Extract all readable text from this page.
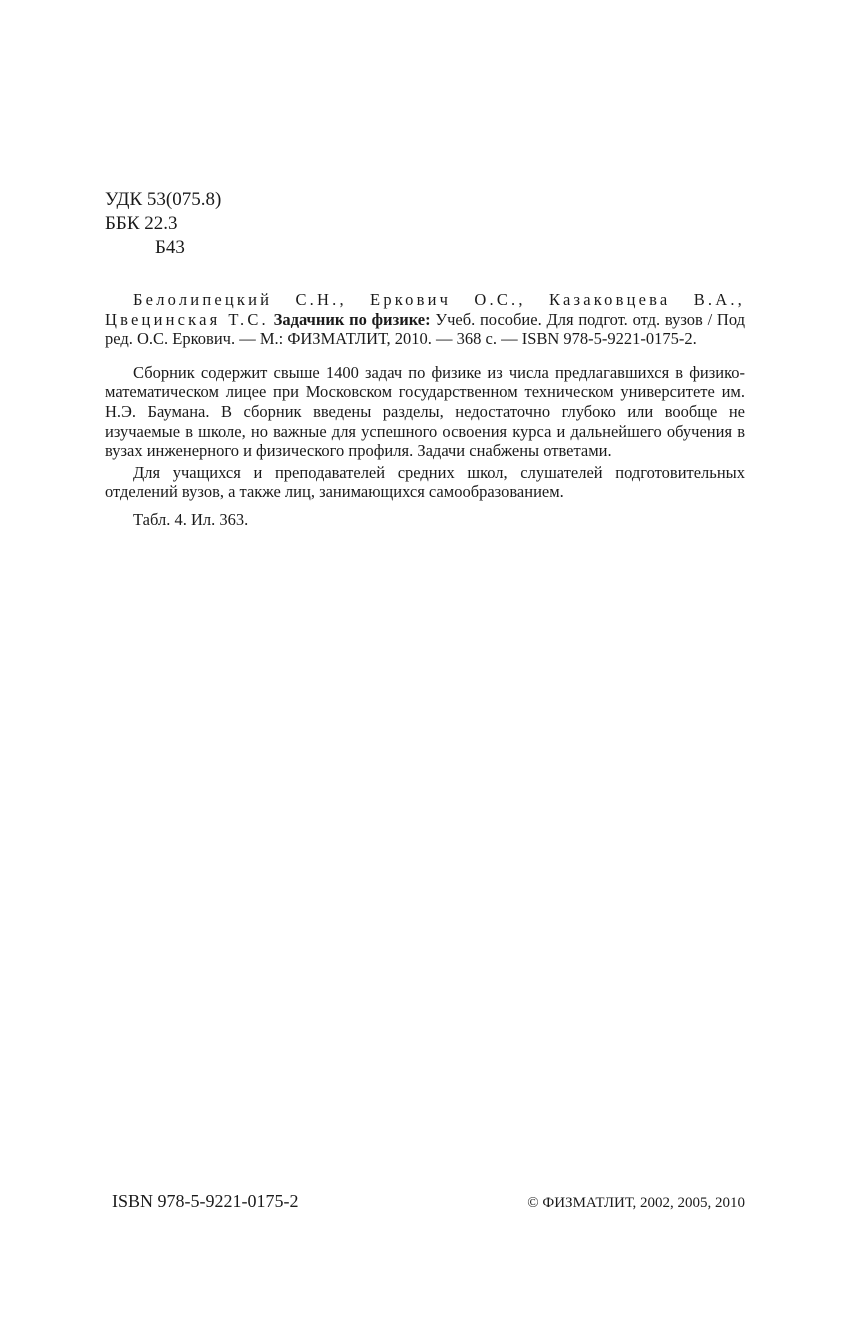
УДК 53(075.8)
ББК 22.3
Б43

Белолипецкий С.Н., Еркович О.С., Казаковцева В.А., Цвецинская Т.С. Задачник по физике: Учеб. пособие. Для подгот. отд. вузов / Под ред. О.С. Еркович. — М.: ФИЗМАТЛИТ, 2010. — 368 с. — ISBN 978-5-9221-0175-2.

Сборник содержит свыше 1400 задач по физике из числа предлагавшихся в физико-математическом лицее при Московском государственном техническом университете им. Н.Э. Баумана. В сборник введены разделы, недостаточно глубоко или вообще не изучаемые в школе, но важные для успешного освоения курса и дальнейшего обучения в вузах инженерного и физического профиля. Задачи снабжены ответами.

Для учащихся и преподавателей средних школ, слушателей подготовительных отделений вузов, а также лиц, занимающихся самообразованием.

Табл. 4. Ил. 363.

ISBN 978-5-9221-0175-2	© ФИЗМАТЛИТ, 2002, 2005, 2010
